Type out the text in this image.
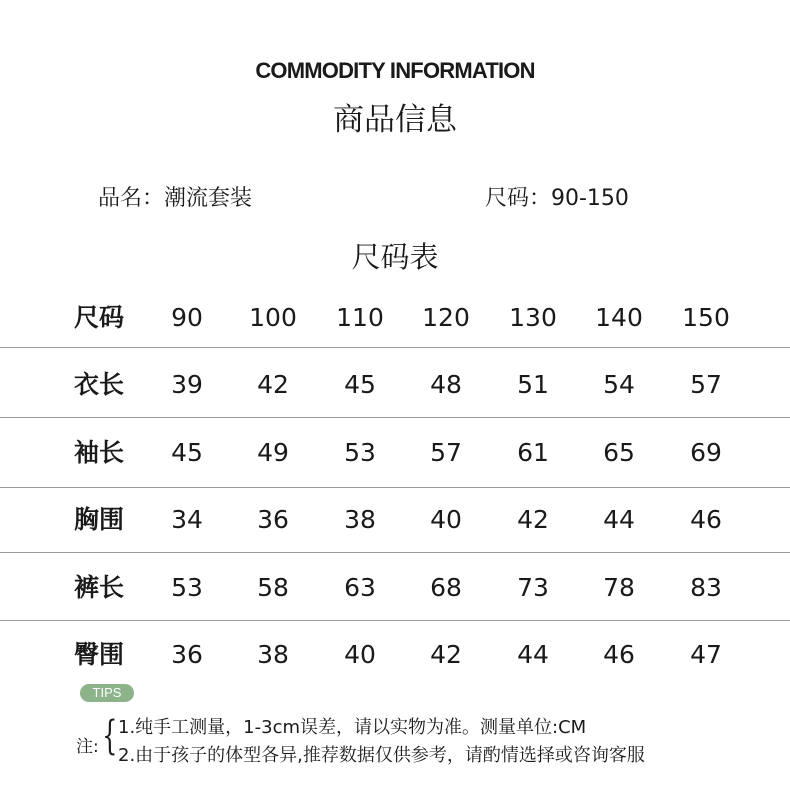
COMMODITY INFORMATION
商品信息
品名：潮流套装	尺码：90-150
尺码表
尺码	90	100	110	120	130	140	150
衣长	39	42	45	48	51	54	57
袖长	45	49	53	57	61	65	69
胸围	34	36	38	40	42	44	46
裤长	53	58	63	68	73	78	83
臀围	36	38	40	42	44	46	47
TIPS
注: { 1.纯手工测量，1-3cm误差，请以实物为准。测量单位:CM
2.由于孩子的体型各异,推荐数据仅供参考，请酌情选择或咨询客服
